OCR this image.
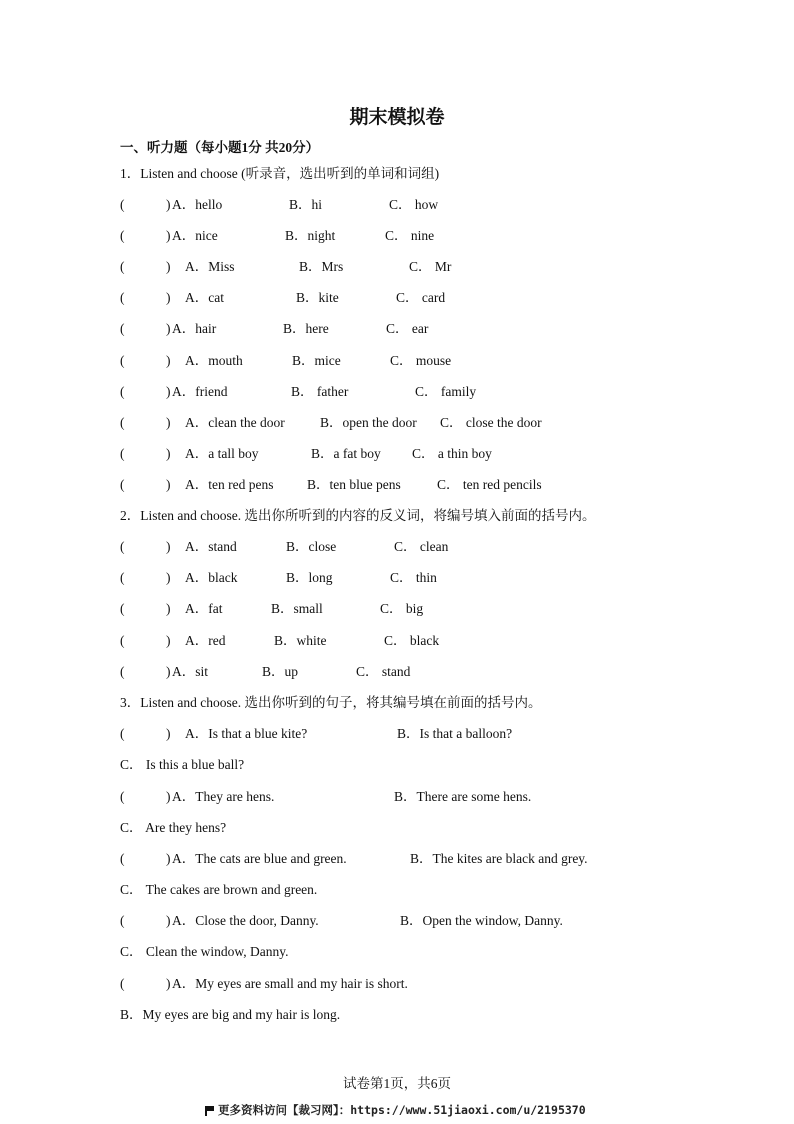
期末模拟卷
一、听力题（每小题1分 共20分）
1．Listen and choose (听录音，选出听到的单词和词组)
(	) A．hello	B．hi	C． how
(	) A．nice	B．night	C． nine
(	) A．Miss	B．Mrs	C． Mr
(	) A．cat	B．kite	C． card
(	) A．hair	B．here	C． ear
(	) A．mouth	B．mice	C． mouse
(	) A．friend	B． father	C． family
(	) A．clean the door	B．open the door C． close the door
(	) A．a tall boy	B．a fat boy C． a thin boy
(	) A．ten red pens B．ten blue pens	C． ten red pencils
2．Listen and choose. 选出你所听到的内容的反义词，将编号填入前面的括号内。
(	) A．stand	B．close	C． clean
(	) A．black	B．long	C． thin
(	) A．fat	B．small	C． big
(	) A．red	B．white	C． black
(	) A．sit	B．up	C． stand
3．Listen and choose. 选出你听到的句子，将其编号填在前面的括号内。
(	) A．Is that a blue kite?	B．Is that a balloon?
C． Is this a blue ball?
(	) A．They are hens.	B．There are some hens.
C． Are they hens?
(	) A．The cats are blue and green.	B．The kites are black and grey.
C． The cakes are brown and green.
(	) A．Close the door, Danny.	B．Open the window, Danny.
C． Clean the window, Danny.
(	) A．My eyes are small and my hair is short.
B．My eyes are big and my hair is long.
试卷第1页，共6页
更多资料访问【裁习网】：https://www.51jiaoxi.com/u/2195370
